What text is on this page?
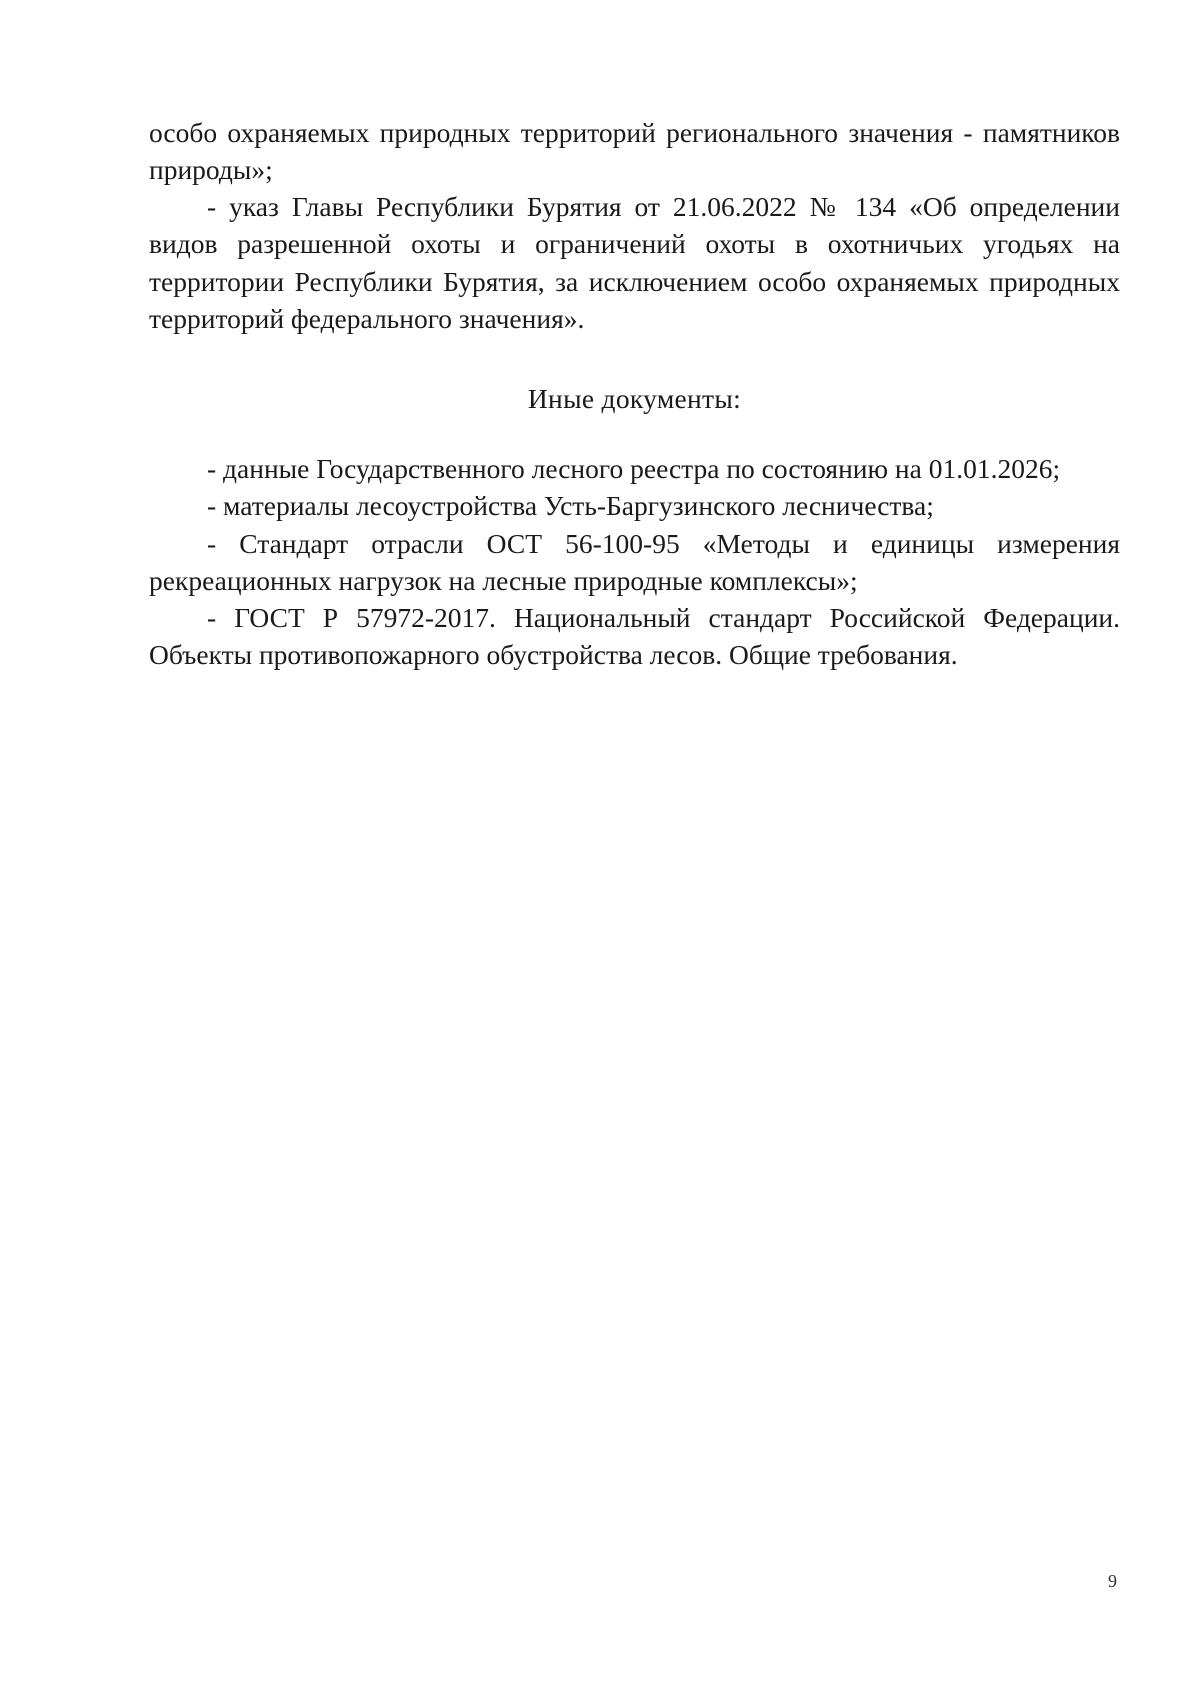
особо охраняемых природных территорий регионального значения - памятников природы»;

- указ Главы Республики Бурятия от 21.06.2022 № 134 «Об определении видов разрешенной охоты и ограничений охоты в охотничьих угодьях на территории Республики Бурятия, за исключением особо охраняемых природных территорий федерального значения».
Иные документы:
- данные Государственного лесного реестра по состоянию на 01.01.2026;
- материалы лесоустройства Усть-Баргузинского лесничества;
- Стандарт отрасли ОСТ 56-100-95 «Методы и единицы измерения рекреационных нагрузок на лесные природные комплексы»;
- ГОСТ Р 57972-2017. Национальный стандарт Российской Федерации. Объекты противопожарного обустройства лесов. Общие требования.
9
